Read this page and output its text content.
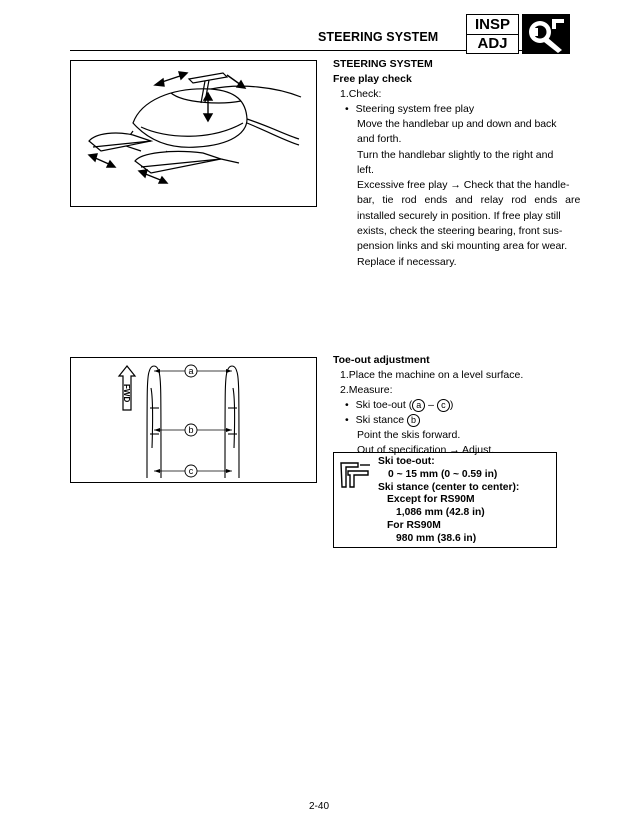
STEERING SYSTEM
INSP
ADJ
STEERING SYSTEM
Free play check
1.Check:
• Steering system free play
Move the handlebar up and down and back
and forth.
Turn the handlebar slightly to the right and
left.
Excessive free play → Check that the handle-
bar, tie rod ends and relay rod ends are
installed securely in position. If free play still
exists, check the steering bearing, front sus-
pension links and ski mounting area for wear.
Replace if necessary.
FWD
a
b
c
Toe-out adjustment
1.Place the machine on a level surface.
2.Measure:
• Ski toe-out ( a – c )
• Ski stance b
Point the skis forward.
Out of specification → Adjust.
Ski toe-out:
0 ~ 15 mm (0 ~ 0.59 in)
Ski stance (center to center):
Except for RS90M
1,086 mm (42.8 in)
For RS90M
980 mm (38.6 in)
2-40
